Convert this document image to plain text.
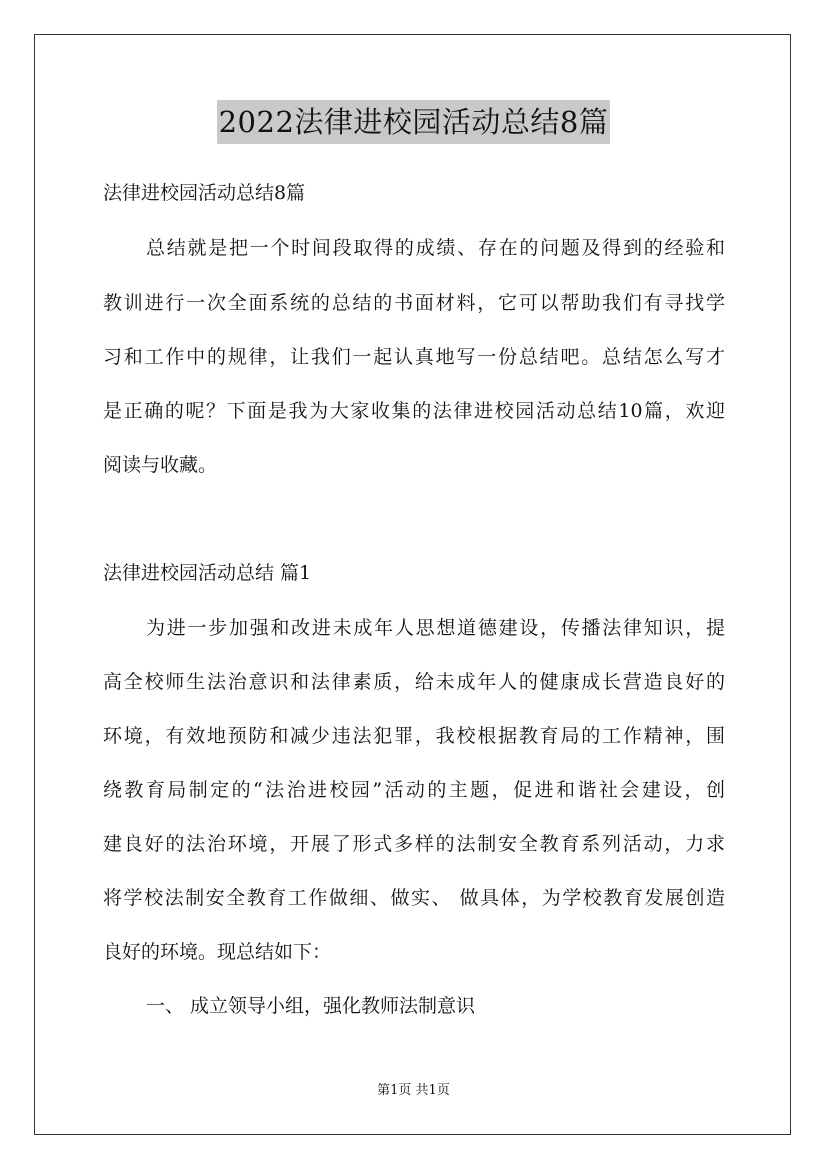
2022法律进校园活动总结8篇
法律进校园活动总结8篇
总结就是把一个时间段取得的成绩、存在的问题及得到的经验和
教训进行一次全面系统的总结的书面材料，它可以帮助我们有寻找学
习和工作中的规律，让我们一起认真地写一份总结吧。总结怎么写才
是正确的呢？下面是我为大家收集的法律进校园活动总结10篇，欢迎
阅读与收藏。
法律进校园活动总结 篇1
为进一步加强和改进未成年人思想道德建设，传播法律知识，提
高全校师生法治意识和法律素质，给未成年人的健康成长营造良好的
环境，有效地预防和减少违法犯罪，我校根据教育局的工作精神，围
绕教育局制定的“法治进校园”活动的主题，促进和谐社会建设，创
建良好的法治环境，开展了形式多样的法制安全教育系列活动，力求
将学校法制安全教育工作做细、做实、 做具体，为学校教育发展创造
良好的环境。现总结如下：
一、 成立领导小组，强化教师法制意识
第1页 共1页
